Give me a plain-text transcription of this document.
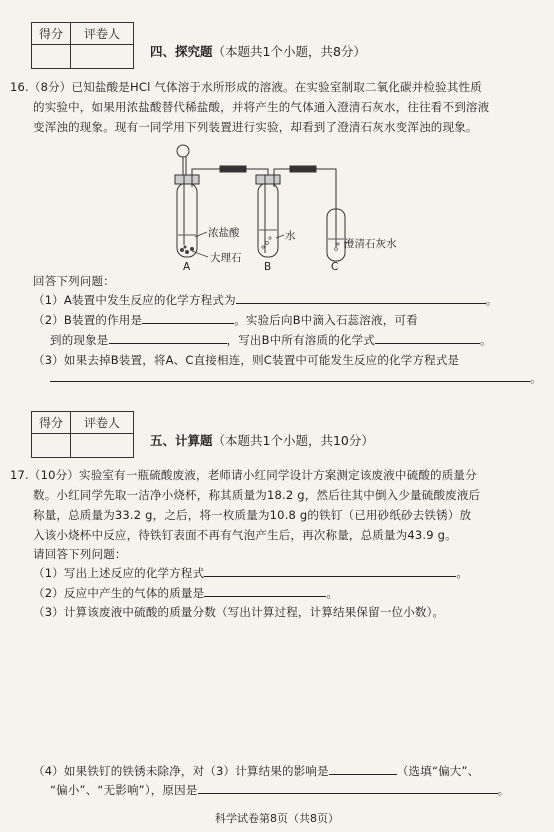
得分	评卷人

四、探究题（本题共1个小题，共8分）
16.（8分）已知盐酸是HCl 气体溶于水所形成的溶液。在实验室制取二氧化碳并检验其性质
的实验中，如果用浓盐酸替代稀盐酸，并将产生的气体通入澄清石灰水，往往看不到溶液
变浑浊的现象。现有一同学用下列装置进行实验，却看到了澄清石灰水变浑浊的现象。
浓盐酸
大理石
水
澄清石灰水
A	B	C
回答下列问题：
（1）A装置中发生反应的化学方程式为	。
（2）B装置的作用是	。实验后向B中滴入石蕊溶液，可看
到的现象是	，写出B中所有溶质的化学式	。
（3）如果去掉B装置，将A、C直接相连，则C装置中可能发生反应的化学方程式是
。
得分	评卷人

五、计算题（本题共1个小题，共10分）
17.（10分）实验室有一瓶硫酸废液，老师请小红同学设计方案测定该废液中硫酸的质量分
数。小红同学先取一洁净小烧杯，称其质量为18.2 g，然后往其中倒入少量硫酸废液后
称量，总质量为33.2 g，之后，将一枚质量为10.8 g的铁钉（已用砂纸砂去铁锈）放
入该小烧杯中反应，待铁钉表面不再有气泡产生后，再次称量，总质量为43.9 g。
请回答下列问题：
（1）写出上述反应的化学方程式	。
（2）反应中产生的气体的质量是	。
（3）计算该废液中硫酸的质量分数（写出计算过程，计算结果保留一位小数）。
（4）如果铁钉的铁锈未除净，对（3）计算结果的影响是	（选填“偏大”、
“偏小”、“无影响”），原因是	。
科学试卷第8页（共8页）
